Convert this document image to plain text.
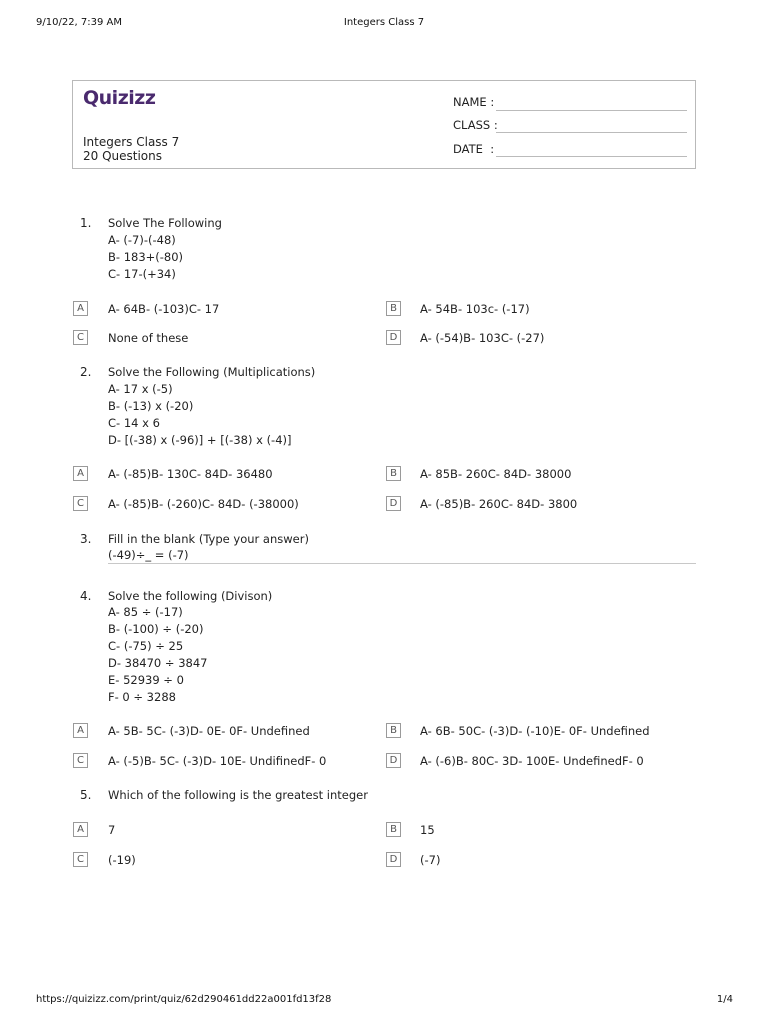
9/10/22, 7:39 AM	Integers Class 7
Quizizz
Integers Class 7
20 Questions
NAME :
CLASS :
DATE  :
1. Solve The Following
A- (-7)-(-48)
B- 183+(-80)
C- 17-(+34)
A	A- 64B- (-103)C- 17	B	A- 54B- 103c- (-17)
C	None of these	D	A- (-54)B- 103C- (-27)
2. Solve the Following (Multiplications)
A- 17 x (-5)
B- (-13) x (-20)
C- 14 x 6
D- [(-38) x (-96)] + [(-38) x (-4)]
A	A- (-85)B- 130C- 84D- 36480	B	A- 85B- 260C- 84D- 38000
C	A- (-85)B- (-260)C- 84D- (-38000)	D	A- (-85)B- 260C- 84D- 3800
3. Fill in the blank (Type your answer)
(-49)÷_ = (-7)
4. Solve the following (Divison)
A- 85 ÷ (-17)
B- (-100) ÷ (-20)
C- (-75) ÷ 25
D- 38470 ÷ 3847
E- 52939 ÷ 0
F- 0 ÷ 3288
A	A- 5B- 5C- (-3)D- 0E- 0F- Undefined	B	A- 6B- 50C- (-3)D- (-10)E- 0F- Undefined
C	A- (-5)B- 5C- (-3)D- 10E- UndifinedF- 0	D	A- (-6)B- 80C- 3D- 100E- UndefinedF- 0
5. Which of the following is the greatest integer
A	7	B	15
C	(-19)	D	(-7)
https://quizizz.com/print/quiz/62d290461dd22a001fd13f28	1/4
